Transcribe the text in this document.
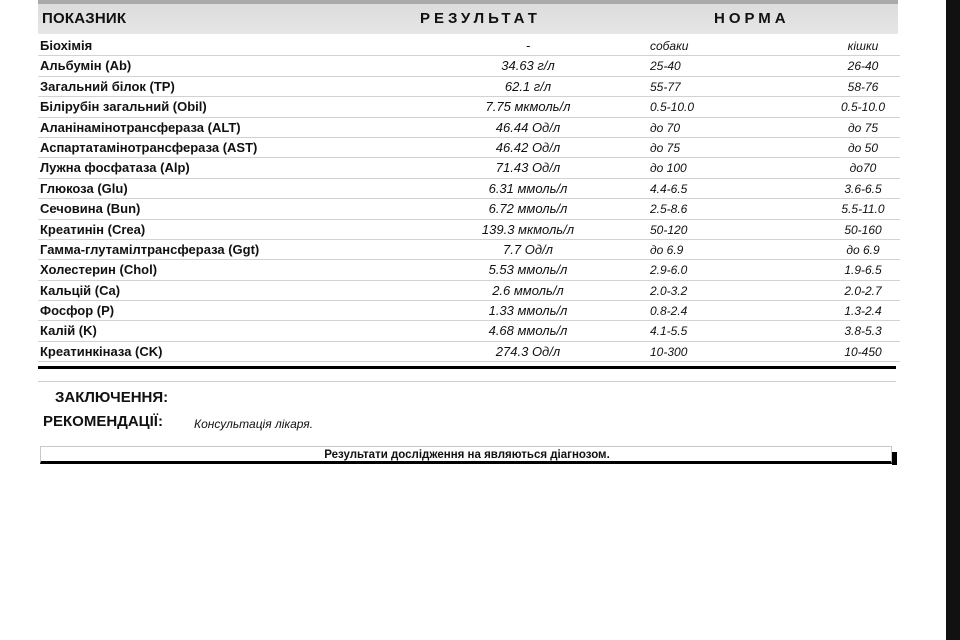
ПОКАЗНИК	РЕЗУЛЬТАТ	НОРМА
Біохімія	-	собаки	кішки
Альбумін (Ab)	34.63 г/л	25-40	26-40
Загальний білок (TP)	62.1 г/л	55-77	58-76
Білірубін загальний (Obil)	7.75 мкмоль/л	0.5-10.0	0.5-10.0
Аланінамінотрансфераза (ALT)	46.44 Од/л	до 70	до 75
Аспартатамінотрансфераза (AST)	46.42 Од/л	до 75	до 50
Лужна фосфатаза (Alp)	71.43 Од/л	до 100	до70
Глюкоза (Glu)	6.31 ммоль/л	4.4-6.5	3.6-6.5
Сечовина (Bun)	6.72 ммоль/л	2.5-8.6	5.5-11.0
Креатинін (Crea)	139.3 мкмоль/л	50-120	50-160
Гамма-глутамілтрансфераза (Ggt)	7.7 Од/л	до 6.9	до 6.9
Холестерин (Chol)	5.53 ммоль/л	2.9-6.0	1.9-6.5
Кальцій (Ca)	2.6 ммоль/л	2.0-3.2	2.0-2.7
Фосфор (P)	1.33 ммоль/л	0.8-2.4	1.3-2.4
Калій (K)	4.68 ммоль/л	4.1-5.5	3.8-5.3
Креатинкіназа (CK)	274.3 Од/л	10-300	10-450
ЗАКЛЮЧЕННЯ:
РЕКОМЕНДАЦІЇ:	Консультація лікаря.
Результати дослідження на являються діагнозом.
